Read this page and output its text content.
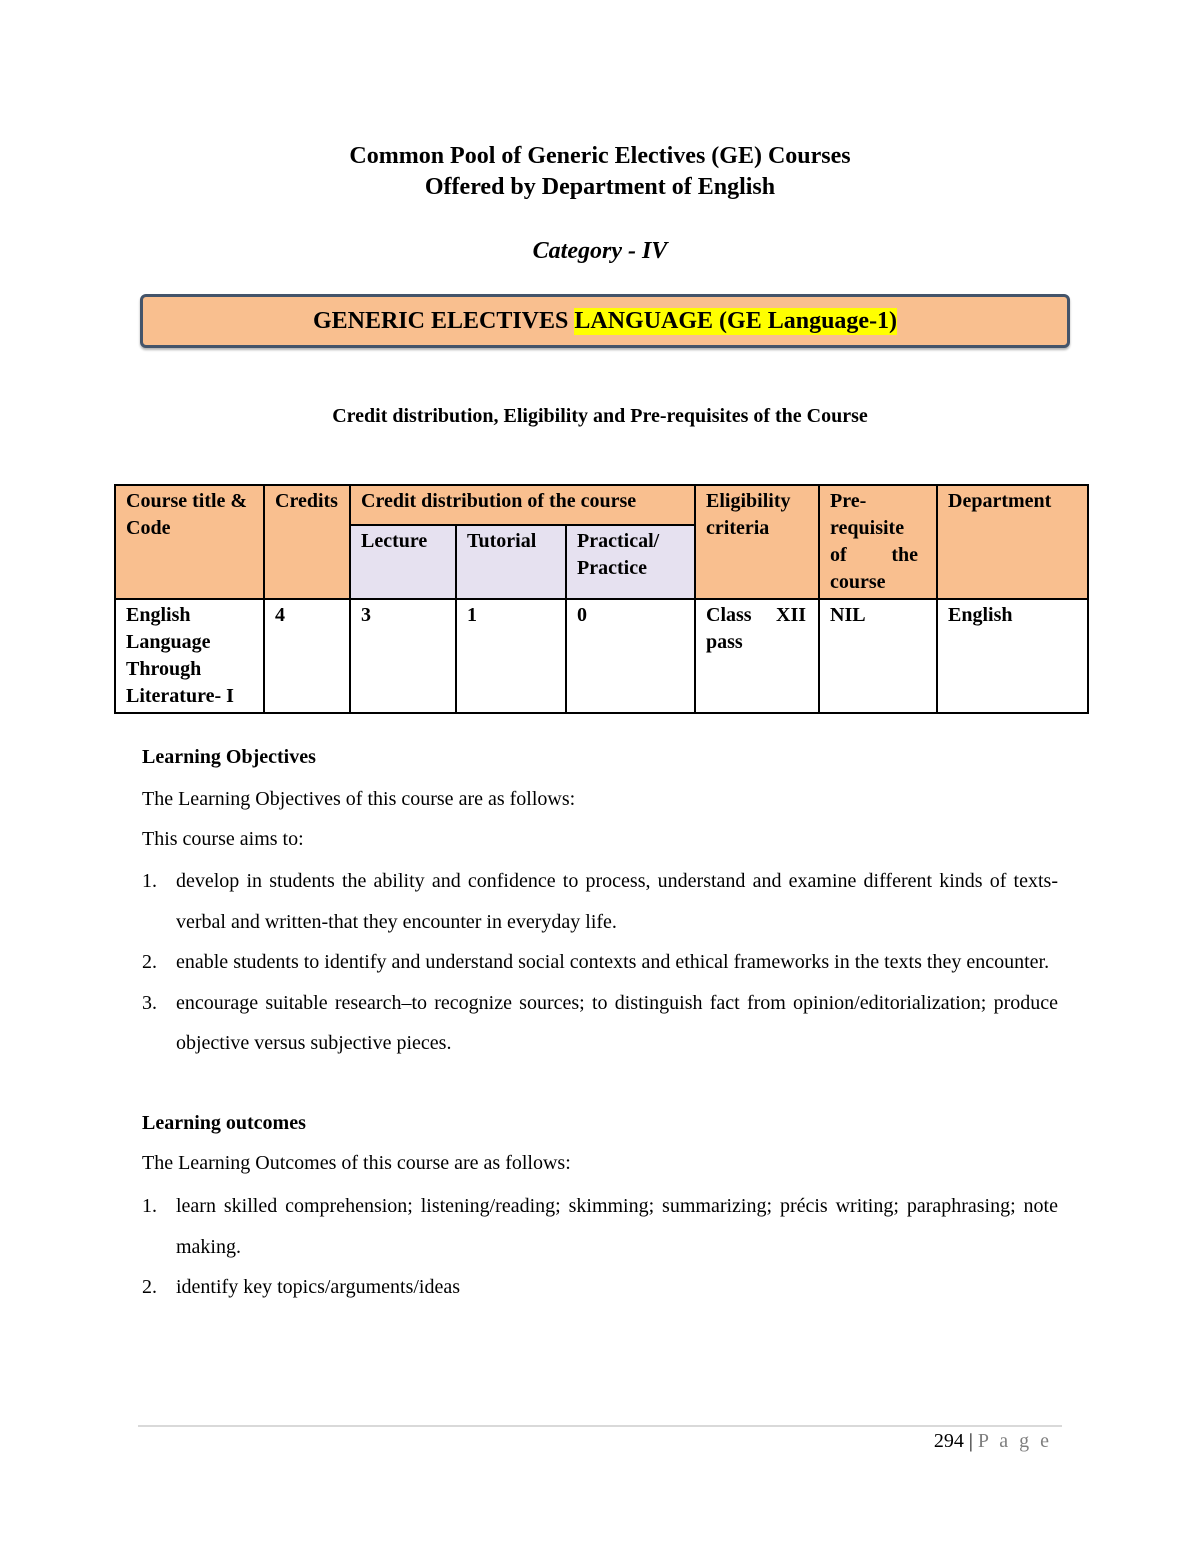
Common Pool of Generic Electives (GE) Courses
Offered by Department of English
Category - IV
GENERIC ELECTIVES
LANGUAGE (GE Language-1)
Credit distribution, Eligibility and Pre-requisites of the Course
Course title & Code	Credits	Credit distribution of the course			Eligibility criteria	Pre-requisite of the course	Department

		Lecture	Tutorial	Practical/ Practice			
English Language Through Literature- I	4	3	1	0	Class XII pass	NIL	English
Learning Objectives
The Learning Objectives of this course are as follows:
This course aims to:
1. develop in students the ability and confidence to process, understand and examine different kinds of texts-verbal and written-that they encounter in everyday life.
2. enable students to identify and understand social contexts and ethical frameworks in the texts they encounter.
3. encourage suitable research–to recognize sources; to distinguish fact from opinion/editorialization; produce objective versus subjective pieces.
Learning outcomes
The Learning Outcomes of this course are as follows:
1. learn skilled comprehension; listening/reading; skimming; summarizing; précis writing; paraphrasing; note making.
2. identify key topics/arguments/ideas
294 | P a g e
